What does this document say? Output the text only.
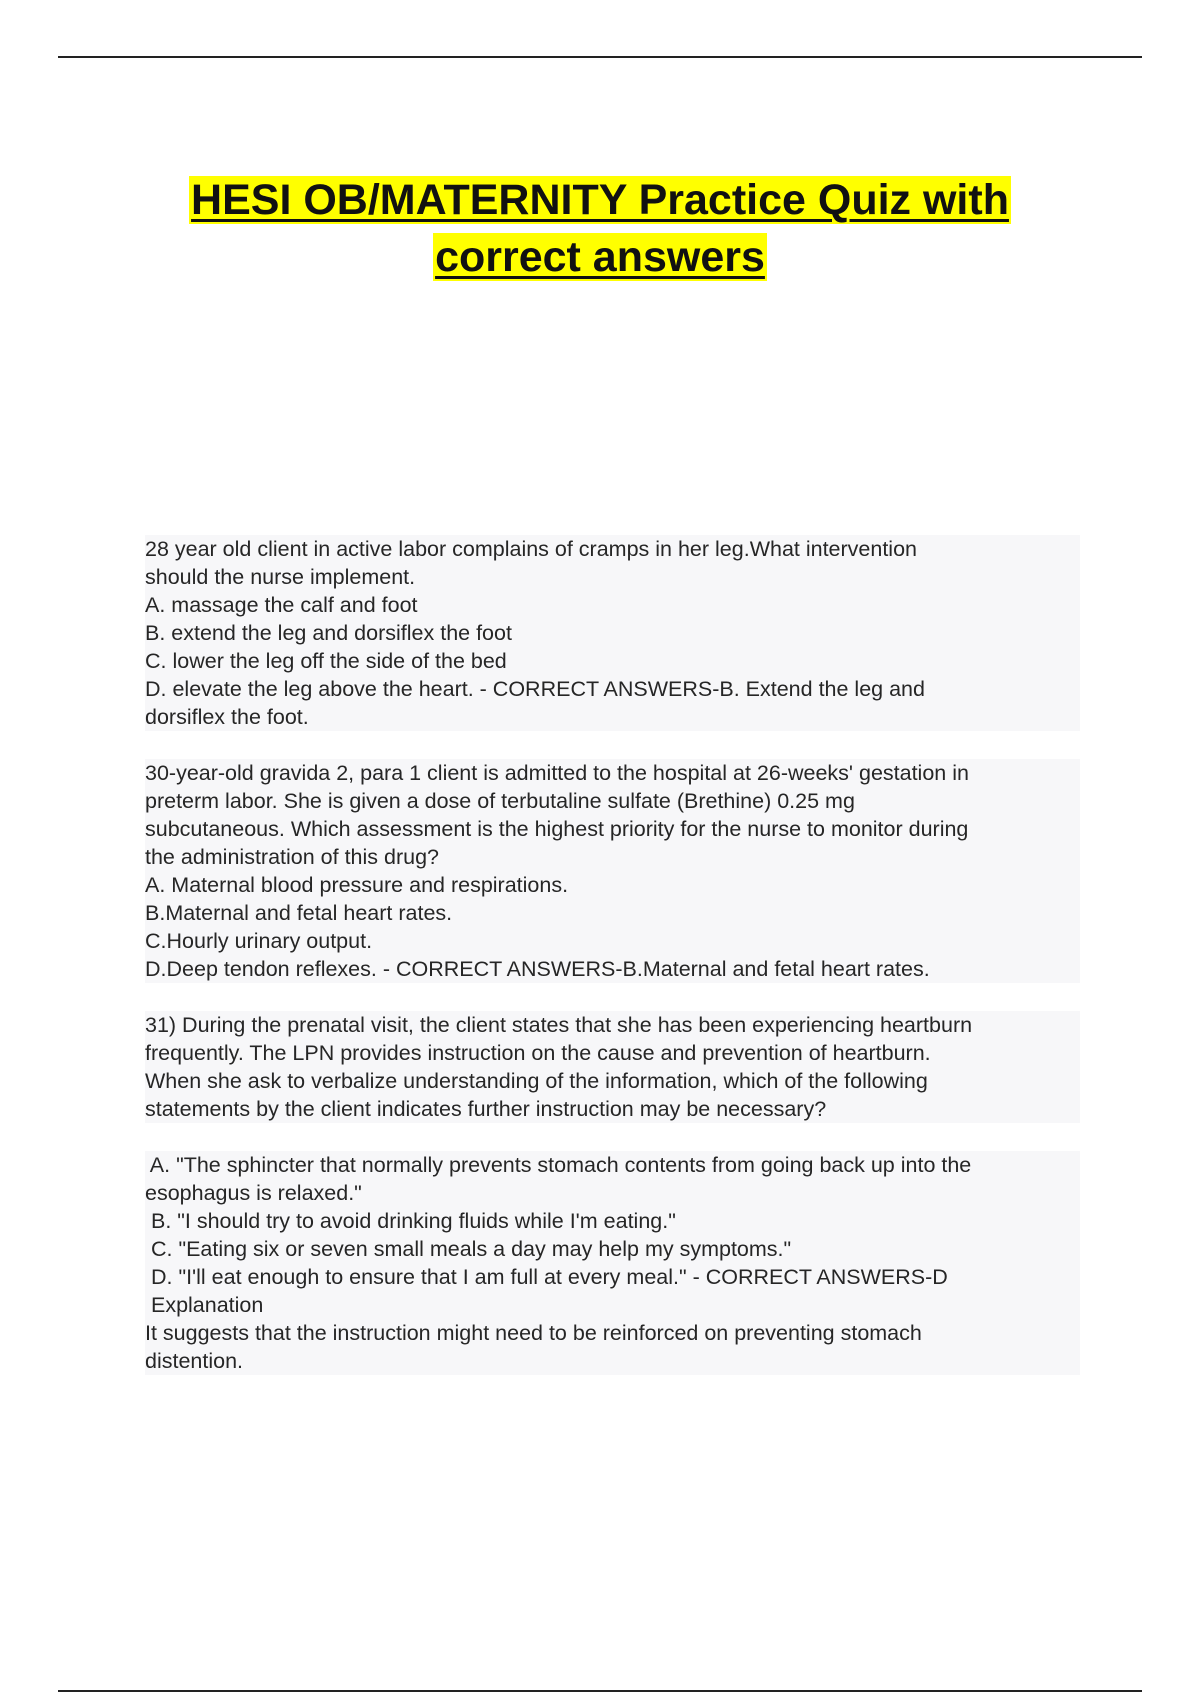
HESI OB/MATERNITY Practice Quiz with
correct answers

28 year old client in active labor complains of cramps in her leg.What intervention

should the nurse implement.

A. massage the calf and foot

B. extend the leg and dorsiflex the foot

C. lower the leg off the side of the bed

D. elevate the leg above the heart. - CORRECT ANSWERS-B. Extend the leg and

dorsiflex the foot.

30-year-old gravida 2, para 1 client is admitted to the hospital at 26-weeks' gestation in

preterm labor. She is given a dose of terbutaline sulfate (Brethine) 0.25 mg

subcutaneous. Which assessment is the highest priority for the nurse to monitor during

the administration of this drug?

A. Maternal blood pressure and respirations.

B.Maternal and fetal heart rates.

C.Hourly urinary output.

D.Deep tendon reflexes. - CORRECT ANSWERS-B.Maternal and fetal heart rates.

31) During the prenatal visit, the client states that she has been experiencing heartburn

frequently. The LPN provides instruction on the cause and prevention of heartburn.

When she ask to verbalize understanding of the information, which of the following

statements by the client indicates further instruction may be necessary?

A. "The sphincter that normally prevents stomach contents from going back up into the

esophagus is relaxed."

B. "I should try to avoid drinking fluids while I'm eating."

C. "Eating six or seven small meals a day may help my symptoms."

D. "I'll eat enough to ensure that I am full at every meal." - CORRECT ANSWERS-D

Explanation

It suggests that the instruction might need to be reinforced on preventing stomach

distention.
